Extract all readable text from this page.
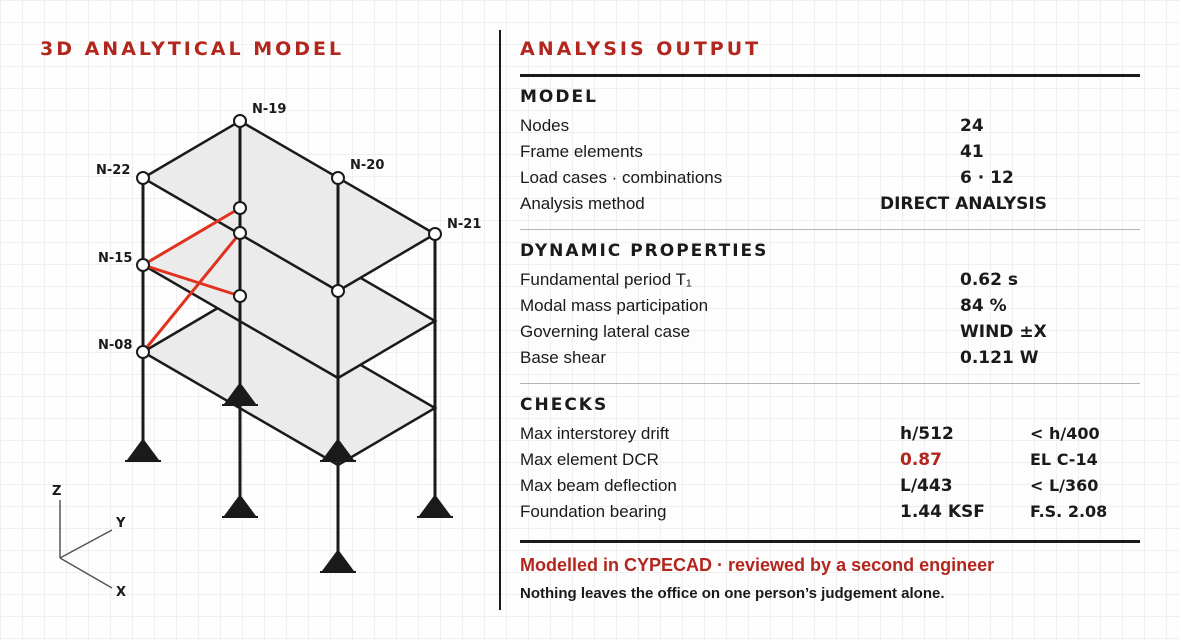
3D ANALYTICAL MODEL
N-19
N-22	N-20
N-21
N-15
N-08
Z
Y
X
ANALYSIS OUTPUT
MODEL
Nodes	24
Frame elements	41
Load cases · combinations	6 · 12
Analysis method	DIRECT ANALYSIS
DYNAMIC PROPERTIES
Fundamental period T₁	0.62 s
Modal mass participation	84 %
Governing lateral case	WIND ±X
Base shear	0.121 W
CHECKS
Max interstorey drift	h/512	< h/400
Max element DCR	0.87	EL C-14
Max beam deflection	L/443	< L/360
Foundation bearing	1.44 KSF	F.S. 2.08

Modelled in CYPECAD · reviewed by a second engineer

Nothing leaves the office on one person’s judgement alone.
